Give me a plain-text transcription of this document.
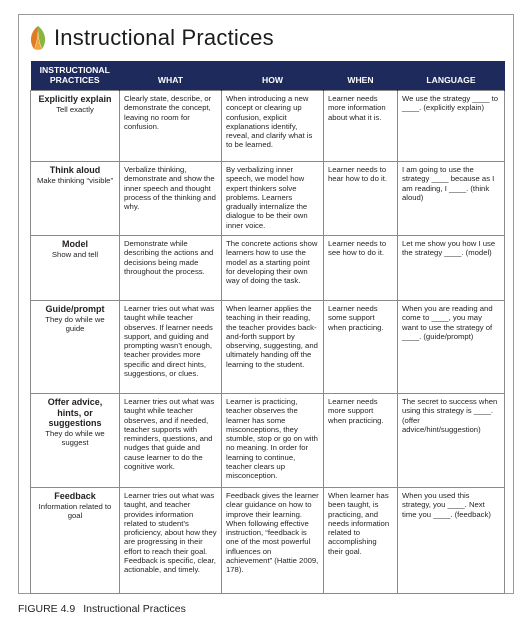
Instructional Practices
INSTRUCTIONAL PRACTICES	WHAT	HOW	WHEN	LANGUAGE

Explicitly explain
Tell exactly	Clearly state, describe, or demonstrate the concept, leaving no room for confusion.	When introducing a new concept or clearing up confusion, explicit explanations identify, reveal, and clarify what is to be learned.	Learner needs more information about what it is.	We use the strategy ____ to ____. (explicitly explain)

Think aloud
Make thinking “visible”	Verbalize thinking, demonstrate and show the inner speech and thought process of the thinking and why.	By verbalizing inner speech, we model how expert thinkers solve problems. Learners gradually internalize the dialogue to be their own inner voice.	Learner needs to hear how to do it.	I am going to use the strategy ____ because as I am reading, I ____. (think aloud)

Model
Show and tell	Demonstrate while describing the actions and decisions being made throughout the process.	The concrete actions show learners how to use the model as a starting point for developing their own way of doing the task.	Learner needs to see how to do it.	Let me show you how I use the strategy ____. (model)

Guide/prompt
They do while we guide	Learner tries out what was taught while teacher observes. If learner needs support, and guiding and prompting wasn’t enough, teacher provides more specific and direct hints, suggestions, or clues.	When learner applies the teaching in their reading, the teacher provides back-and-forth support by observing, suggesting, and ultimately handing off the learning to the student.	Learner needs some support when practicing.	When you are reading and come to ____, you may want to use the strategy of ____. (guide/prompt)

Offer advice, hints, or suggestions
They do while we suggest	Learner tries out what was taught while teacher observes, and if needed, teacher supports with reminders, questions, and nudges that guide and cause learner to do the cognitive work.	Learner is practicing, teacher observes the learner has some misconceptions, they stumble, stop or go on with no meaning. In order for learning to continue, teacher clears up misconception.	Learner needs more support when practicing.	The secret to success when using this strategy is ____. (offer advice/hint/suggestion)

Feedback
Information related to goal	Learner tries out what was taught, and teacher provides information related to student’s proficiency, about how they are progressing in their effort to reach their goal. Feedback is specific, clear, actionable, and timely.	Feedback gives the learner clear guidance on how to improve their learning. When following effective instruction, “feedback is one of the most powerful influences on achievement” (Hattie 2009, 178).	When learner has been taught, is practicing, and needs information related to accomplishing their goal.	When you used this strategy, you ____. Next time you ____. (feedback)
FIGURE 4.9 Instructional Practices
